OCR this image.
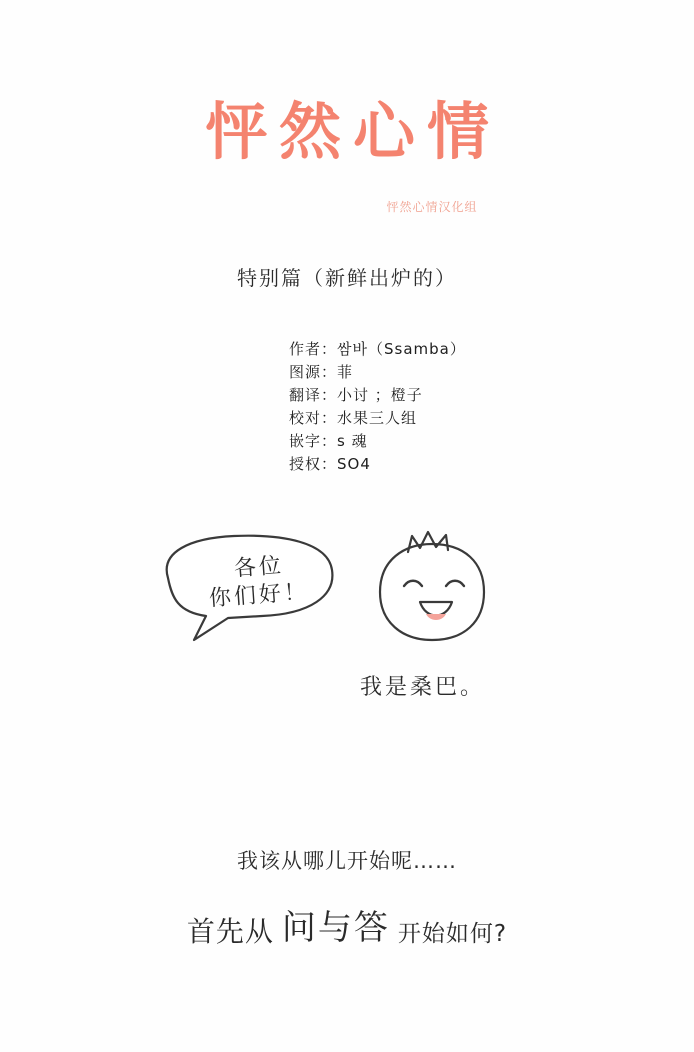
怦然心情
怦然心情汉化组
特别篇（新鲜出炉的）
作者：쌈바（Ssamba）
图源：菲
翻译：小讨 ；橙子
校对：水果三人组
嵌字：s 魂
授权：SO4
各位
你们好！
我是桑巴。
我该从哪儿开始呢……
首先从 问与答 开始如何?
